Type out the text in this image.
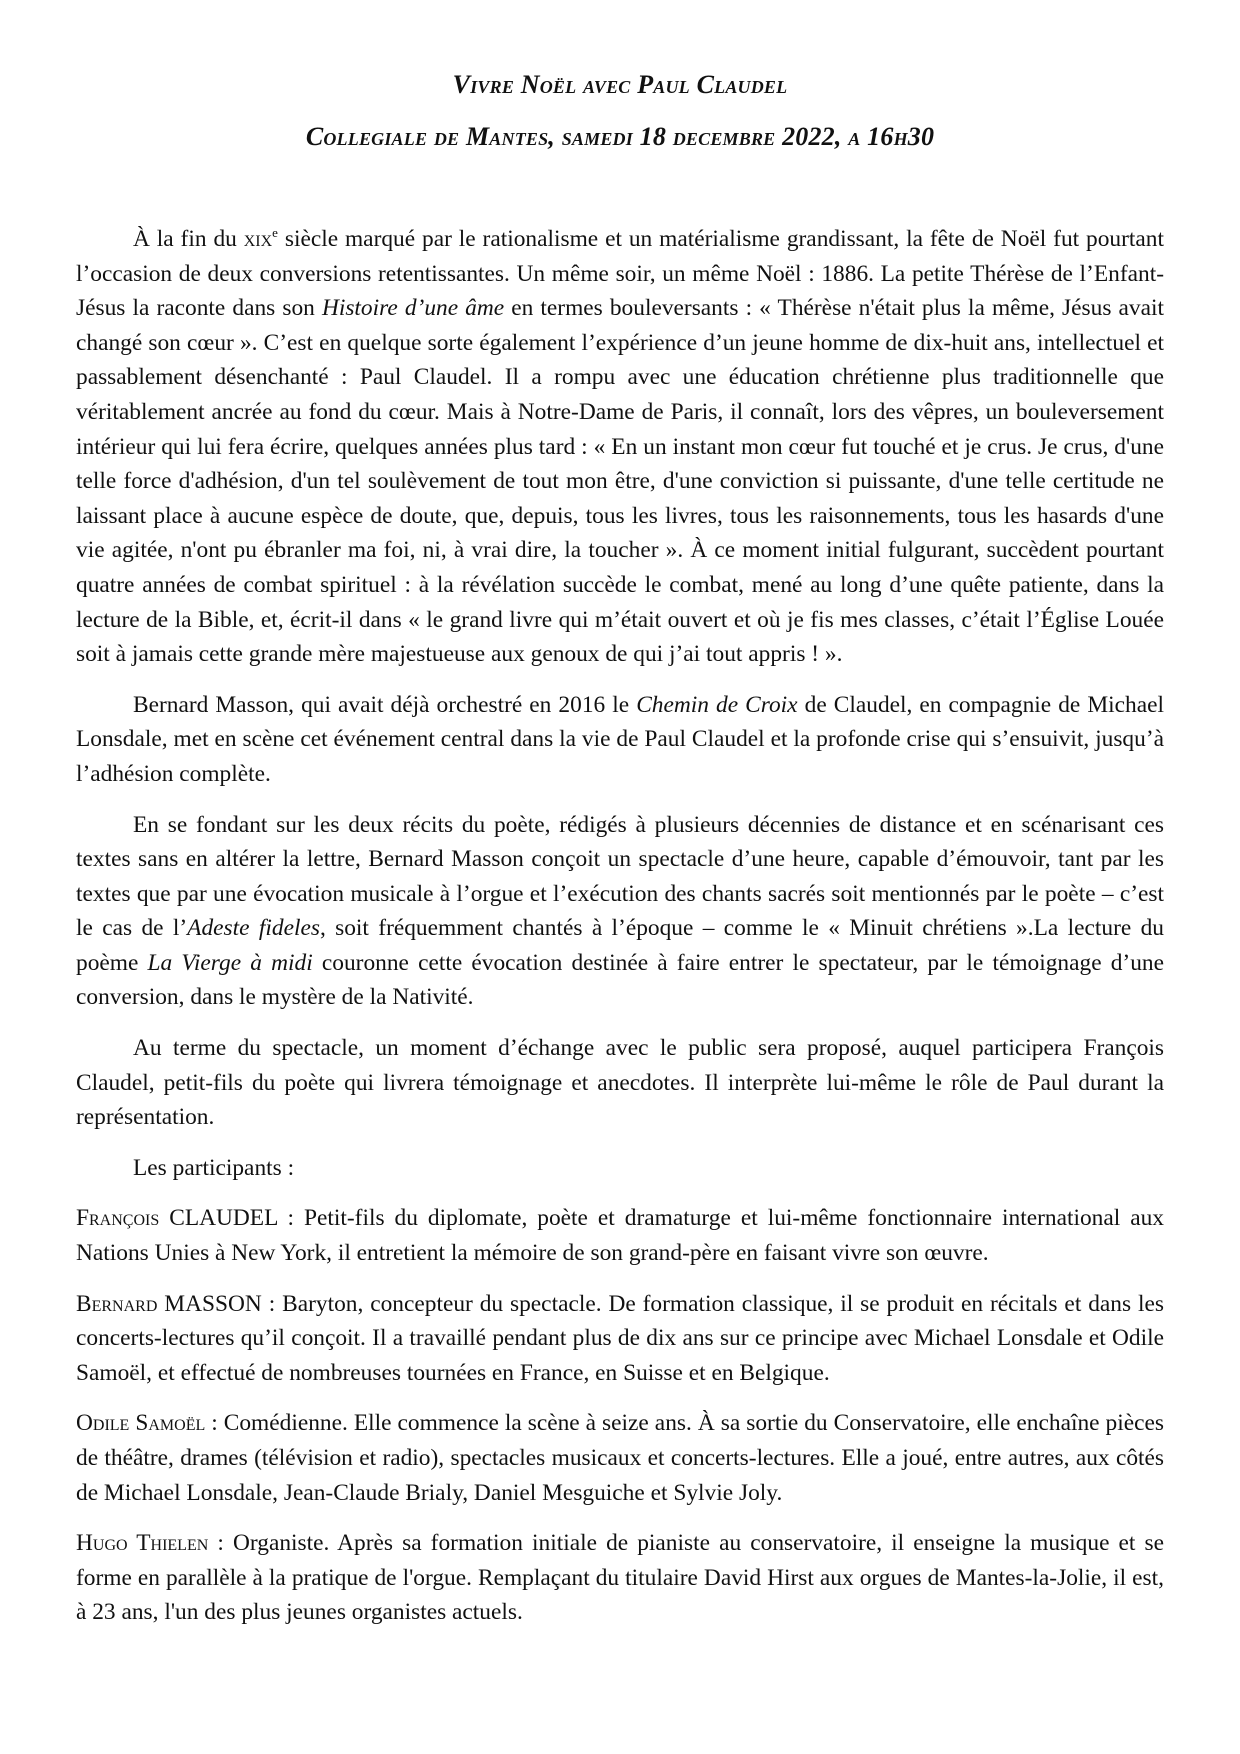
Vivre Noël avec Paul Claudel
Collegiale de Mantes, samedi 18 decembre 2022, a 16h30

À la fin du xix$^e$ siècle marqué par le rationalisme et un matérialisme grandissant, la fête de Noël fut pourtant l’occasion de deux conversions retentissantes. Un même soir, un même Noël : 1886. La petite Thérèse de l’Enfant-Jésus la raconte dans son Histoire d’une âme en termes bouleversants : « Thérèse n'était plus la même, Jésus avait changé son cœur ». C’est en quelque sorte également l’expérience d’un jeune homme de dix-huit ans, intellectuel et passablement désenchanté : Paul Claudel. Il a rompu avec une éducation chrétienne plus traditionnelle que véritablement ancrée au fond du cœur. Mais à Notre-Dame de Paris, il connaît, lors des vêpres, un bouleversement intérieur qui lui fera écrire, quelques années plus tard : « En un instant mon cœur fut touché et je crus. Je crus, d'une telle force d'adhésion, d'un tel soulèvement de tout mon être, d'une conviction si puissante, d'une telle certitude ne laissant place à aucune espèce de doute, que, depuis, tous les livres, tous les raisonnements, tous les hasards d'une vie agitée, n'ont pu ébranler ma foi, ni, à vrai dire, la toucher ». À ce moment initial fulgurant, succèdent pourtant quatre années de combat spirituel : à la révélation succède le combat, mené au long d’une quête patiente, dans la lecture de la Bible, et, écrit-il dans « le grand livre qui m’était ouvert et où je fis mes classes, c’était l’Église Louée soit à jamais cette grande mère majestueuse aux genoux de qui j’ai tout appris ! ».

Bernard Masson, qui avait déjà orchestré en 2016 le Chemin de Croix de Claudel, en compagnie de Michael Lonsdale, met en scène cet événement central dans la vie de Paul Claudel et la profonde crise qui s’ensuivit, jusqu’à l’adhésion complète.

En se fondant sur les deux récits du poète, rédigés à plusieurs décennies de distance et en scénarisant ces textes sans en altérer la lettre, Bernard Masson conçoit un spectacle d’une heure, capable d’émouvoir, tant par les textes que par une évocation musicale à l’orgue et l’exécution des chants sacrés soit mentionnés par le poète – c’est le cas de l’Adeste fideles, soit fréquemment chantés à l’époque – comme le « Minuit chrétiens ».La lecture du poème La Vierge à midi couronne cette évocation destinée à faire entrer le spectateur, par le témoignage d’une conversion, dans le mystère de la Nativité.

Au terme du spectacle, un moment d’échange avec le public sera proposé, auquel participera François Claudel, petit-fils du poète qui livrera témoignage et anecdotes. Il interprète lui-même le rôle de Paul durant la représentation.

Les participants :

François CLAUDEL : Petit-fils du diplomate, poète et dramaturge et lui-même fonctionnaire international aux Nations Unies à New York, il entretient la mémoire de son grand-père en faisant vivre son œuvre.

Bernard MASSON : Baryton, concepteur du spectacle. De formation classique, il se produit en récitals et dans les concerts-lectures qu’il conçoit. Il a travaillé pendant plus de dix ans sur ce principe avec Michael Lonsdale et Odile Samoël, et effectué de nombreuses tournées en France, en Suisse et en Belgique.

Odile Samoël : Comédienne. Elle commence la scène à seize ans. À sa sortie du Conservatoire, elle enchaîne pièces de théâtre, drames (télévision et radio), spectacles musicaux et concerts-lectures. Elle a joué, entre autres, aux côtés de Michael Lonsdale, Jean-Claude Brialy, Daniel Mesguiche et Sylvie Joly.

Hugo Thielen : Organiste. Après sa formation initiale de pianiste au conservatoire, il enseigne la musique et se forme en parallèle à la pratique de l'orgue. Remplaçant du titulaire David Hirst aux orgues de Mantes-la-Jolie, il est, à 23 ans, l'un des plus jeunes organistes actuels.
